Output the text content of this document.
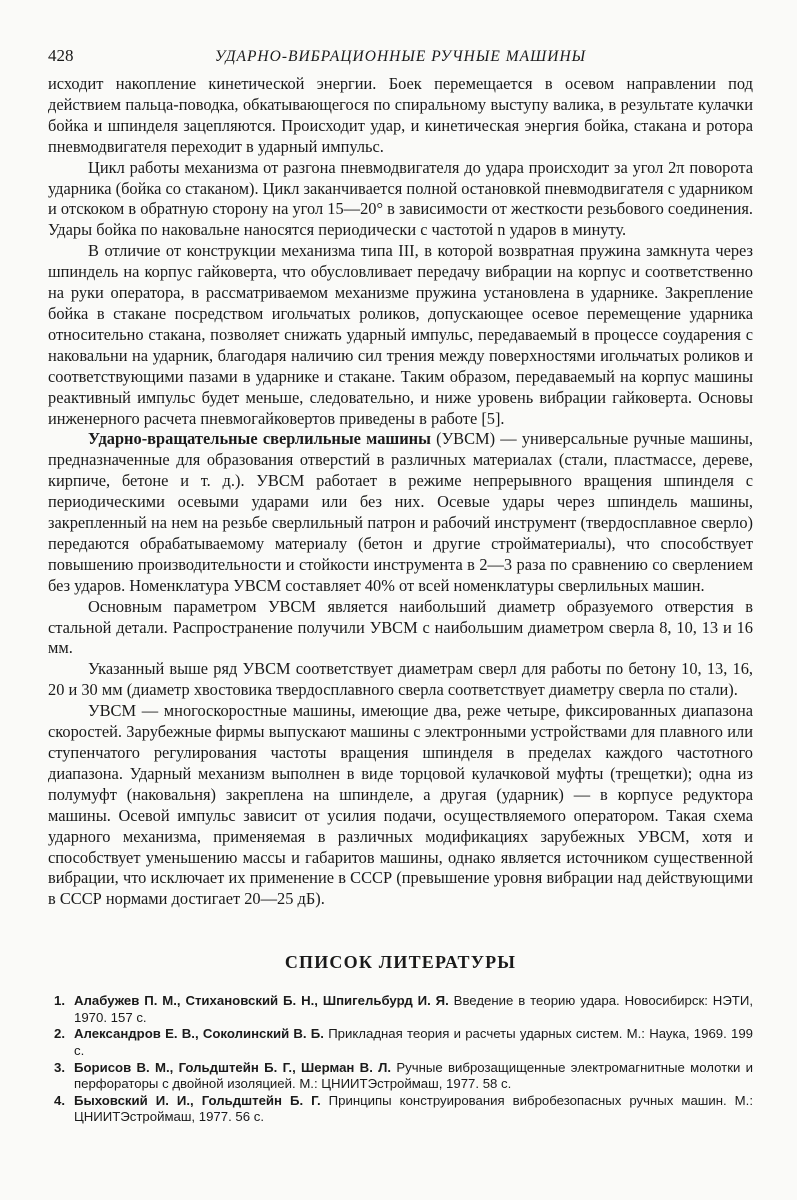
428	УДАРНО-ВИБРАЦИОННЫЕ РУЧНЫЕ МАШИНЫ

исходит накопление кинетической энергии. Боек перемещается в осевом направлении под действием пальца-поводка, обкатывающегося по спиральному выступу валика, в результате кулачки бойка и шпинделя зацепляются. Происходит удар, и кинетическая энергия бойка, стакана и ротора пневмодвигателя переходит в ударный импульс.

Цикл работы механизма от разгона пневмодвигателя до удара происходит за угол 2π поворота ударника (бойка со стаканом). Цикл заканчивается полной остановкой пневмодвигателя с ударником и отскоком в обратную сторону на угол 15—20° в зависимости от жесткости резьбового соединения. Удары бойка по наковальне наносятся периодически с частотой n ударов в минуту.

В отличие от конструкции механизма типа III, в которой возвратная пружина замкнута через шпиндель на корпус гайковерта, что обусловливает передачу вибрации на корпус и соответственно на руки оператора, в рассматриваемом механизме пружина установлена в ударнике. Закрепление бойка в стакане посредством игольчатых роликов, допускающее осевое перемещение ударника относительно стакана, позволяет снижать ударный импульс, передаваемый в процессе соударения с наковальни на ударник, благодаря наличию сил трения между поверхностями игольчатых роликов и соответствующими пазами в ударнике и стакане. Таким образом, передаваемый на корпус машины реактивный импульс будет меньше, следовательно, и ниже уровень вибрации гайковерта. Основы инженерного расчета пневмогайковертов приведены в работе [5].

Ударно-вращательные сверлильные машины (УВСМ) — универсальные ручные машины, предназначенные для образования отверстий в различных материалах (стали, пластмассе, дереве, кирпиче, бетоне и т. д.). УВСМ работает в режиме непрерывного вращения шпинделя с периодическими осевыми ударами или без них. Осевые удары через шпиндель машины, закрепленный на нем на резьбе сверлильный патрон и рабочий инструмент (твердосплавное сверло) передаются обрабатываемому материалу (бетон и другие стройматериалы), что способствует повышению производительности и стойкости инструмента в 2—3 раза по сравнению со сверлением без ударов. Номенклатура УВСМ составляет 40% от всей номенклатуры сверлильных машин.

Основным параметром УВСМ является наибольший диаметр образуемого отверстия в стальной детали. Распространение получили УВСМ с наибольшим диаметром сверла 8, 10, 13 и 16 мм.

Указанный выше ряд УВСМ соответствует диаметрам сверл для работы по бетону 10, 13, 16, 20 и 30 мм (диаметр хвостовика твердосплавного сверла соответствует диаметру сверла по стали).

УВСМ — многоскоростные машины, имеющие два, реже четыре, фиксированных диапазона скоростей. Зарубежные фирмы выпускают машины с электронными устройствами для плавного или ступенчатого регулирования частоты вращения шпинделя в пределах каждого частотного диапазона. Ударный механизм выполнен в виде торцовой кулачковой муфты (трещетки); одна из полумуфт (наковальня) закреплена на шпинделе, а другая (ударник) — в корпусе редуктора машины. Осевой импульс зависит от усилия подачи, осуществляемого оператором. Такая схема ударного механизма, применяемая в различных модификациях зарубежных УВСМ, хотя и способствует уменьшению массы и габаритов машины, однако является источником существенной вибрации, что исключает их применение в СССР (превышение уровня вибрации над действующими в СССР нормами достигает 20—25 дБ).

СПИСОК ЛИТЕРАТУРЫ
1. Алабужев П. М., Стихановский Б. Н., Шпигельбурд И. Я. Введение в теорию удара. Новосибирск: НЭТИ, 1970. 157 с.
2. Александров Е. В., Соколинский В. Б. Прикладная теория и расчеты ударных систем. М.: Наука, 1969. 199 с.
3. Борисов В. М., Гольдштейн Б. Г., Шерман В. Л. Ручные виброзащищенные электромагнитные молотки и перфораторы с двойной изоляцией. М.: ЦНИИТЭстроймаш, 1977. 58 с.
4. Быховский И. И., Гольдштейн Б. Г. Принципы конструирования вибробезопасных ручных машин. М.: ЦНИИТЭстроймаш, 1977. 56 с.
